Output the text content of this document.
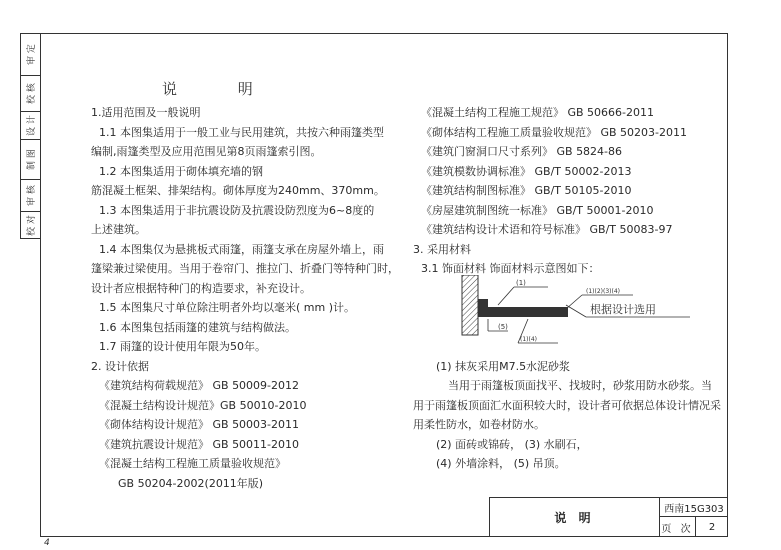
审 定
校 核
设 计
制 图
审 核
校 对
说 明
1.适用范围及一般说明
1.1 本图集适用于一般工业与民用建筑，共按六种雨篷类型
编制,雨篷类型及应用范围见第8页雨篷索引图。
1.2 本图集适用于砌体填充墙的钢
筋混凝土框架、排架结构。砌体厚度为240mm、370mm。
1.3 本图集适用于非抗震设防及抗震设防烈度为6~8度的
上述建筑。
1.4 本图集仅为悬挑板式雨篷，雨篷支承在房屋外墙上，雨
篷梁兼过梁使用。当用于卷帘门、推拉门、折叠门等特种门时，
设计者应根据特种门的构造要求，补充设计。
1.5 本图集尺寸单位除注明者外均以毫米( mm )计。
1.6 本图集包括雨篷的建筑与结构做法。
1.7 雨篷的设计使用年限为50年。
2. 设计依据
《建筑结构荷载规范》 GB 50009-2012
《混凝土结构设计规范》GB 50010-2010
《砌体结构设计规范》 GB 50003-2011
《建筑抗震设计规范》 GB 50011-2010
《混凝土结构工程施工质量验收规范》
GB 50204-2002(2011年版)
《混凝土结构工程施工规范》 GB 50666-2011
《砌体结构工程施工质量验收规范》 GB 50203-2011
《建筑门窗洞口尺寸系列》 GB 5824-86
《建筑模数协调标准》 GB/T 50002-2013
《建筑结构制图标准》 GB/T 50105-2010
《房屋建筑制图统一标准》 GB/T 50001-2010
《建筑结构设计术语和符号标准》 GB/T 50083-97
3. 采用材料
3.1 饰面材料 饰面材料示意图如下：
(1) 抹灰采用M7.5水泥砂浆
当用于雨篷板顶面找平、找坡时，砂浆用防水砂浆。当
用于雨篷板顶面汇水面积较大时，设计者可依据总体设计情况采
用柔性防水，如卷材防水。
(2) 面砖或锦砖， (3) 水刷石，
(4) 外墙涂料， (5) 吊顶。
(1)
(1)(2)(3)(4)
(5)
(1)(4)
根据设计选用
说 明
西南15G303
页 次	2
4
